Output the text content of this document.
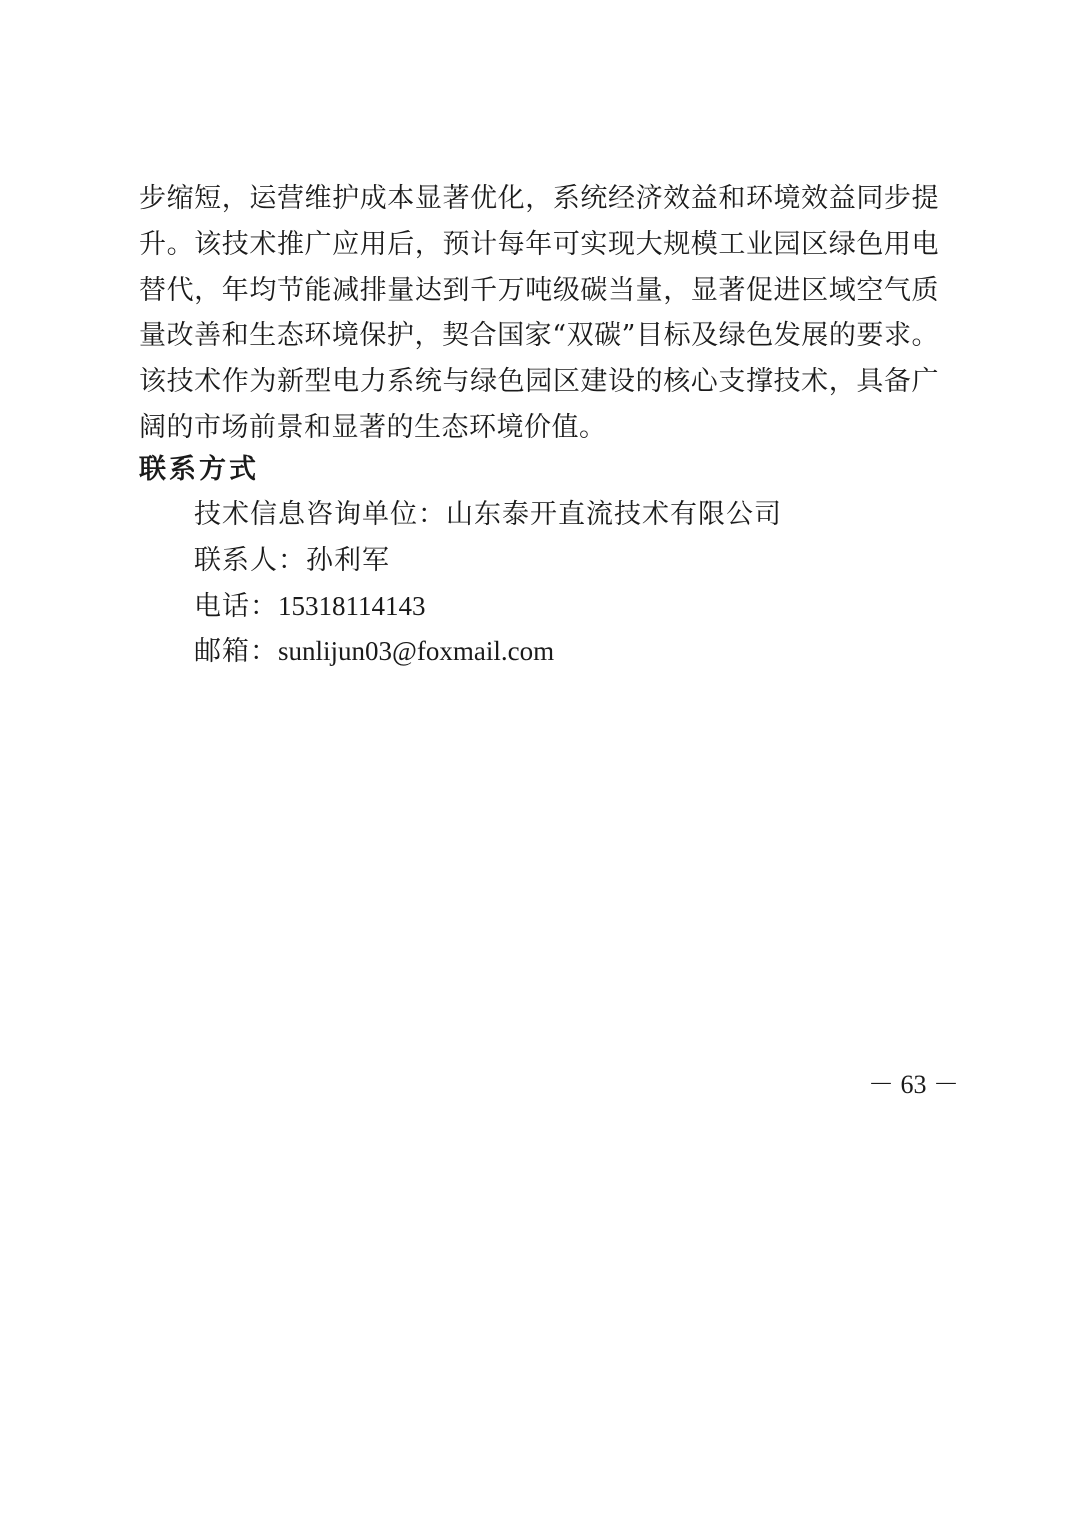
步缩短，运营维护成本显著优化，系统经济效益和环境效益同步提
升。该技术推广应用后，预计每年可实现大规模工业园区绿色用电
替代，年均节能减排量达到千万吨级碳当量，显著促进区域空气质
量改善和生态环境保护，契合国家“双碳”目标及绿色发展的要求。
该技术作为新型电力系统与绿色园区建设的核心支撑技术，具备广
阔的市场前景和显著的生态环境价值。
联系方式
技术信息咨询单位：山东泰开直流技术有限公司
联系人：孙利军
电话：15318114143
邮箱：sunlijun03@foxmail.com
－ 63 －
